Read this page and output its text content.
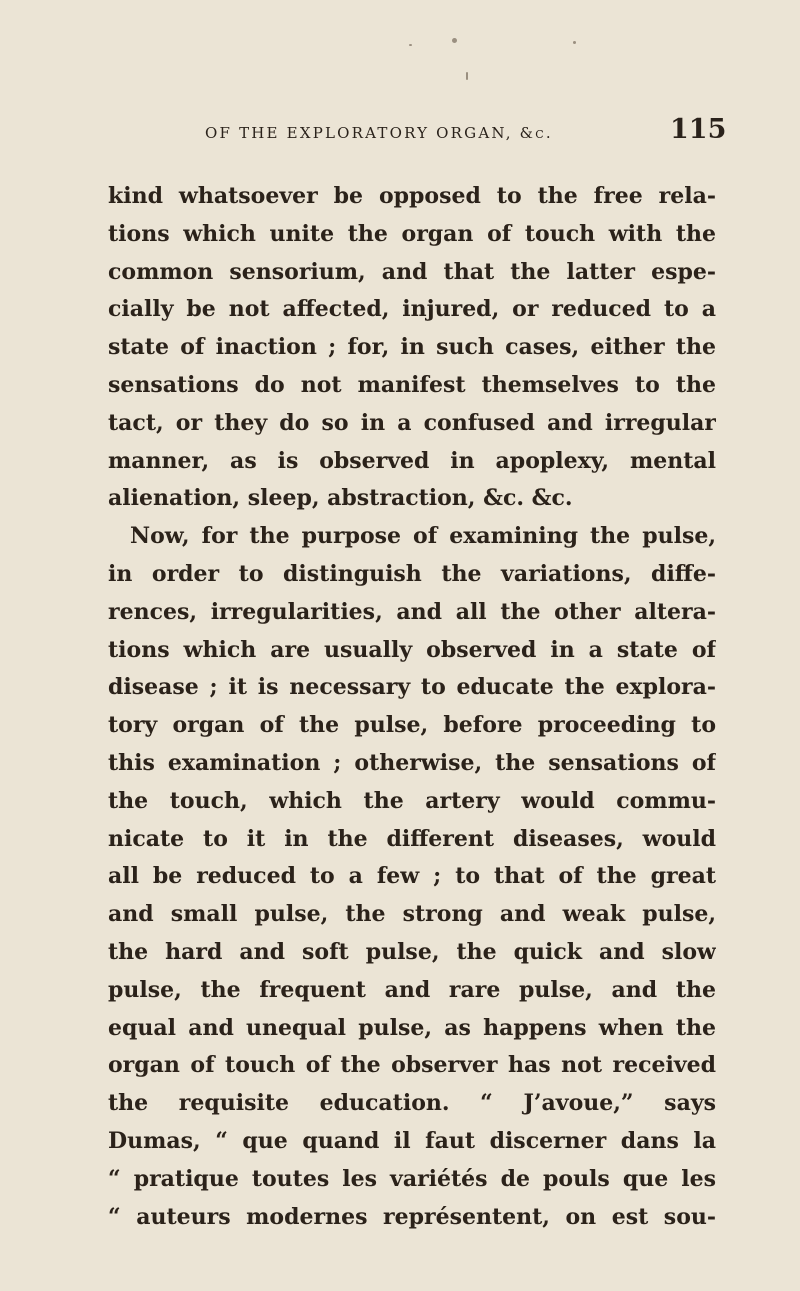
OF THE EXPLORATORY ORGAN, &c.	115
kind whatsoever be opposed to the free rela-
tions which unite the organ of touch with the
common sensorium, and that the latter espe-
cially be not affected, injured, or reduced to a
state of inaction ; for, in such cases, either the
sensations do not manifest themselves to the
tact, or they do so in a confused and irregular
manner, as is observed in apoplexy, mental
alienation, sleep, abstraction, &c. &c.
Now, for the purpose of examining the pulse,
in order to distinguish the variations, diffe-
rences, irregularities, and all the other altera-
tions which are usually observed in a state of
disease ; it is necessary to educate the explora-
tory organ of the pulse, before proceeding to
this examination ; otherwise, the sensations of
the touch, which the artery would commu-
nicate to it in the different diseases, would
all be reduced to a few ; to that of the great
and small pulse, the strong and weak pulse,
the hard and soft pulse, the quick and slow
pulse, the frequent and rare pulse, and the
equal and unequal pulse, as happens when the
organ of touch of the observer has not received
the requisite education. “ J’avoue,” says
Dumas, “ que quand il faut discerner dans la
“ pratique toutes les variétés de pouls que les
“ auteurs modernes représentent, on est sou-
